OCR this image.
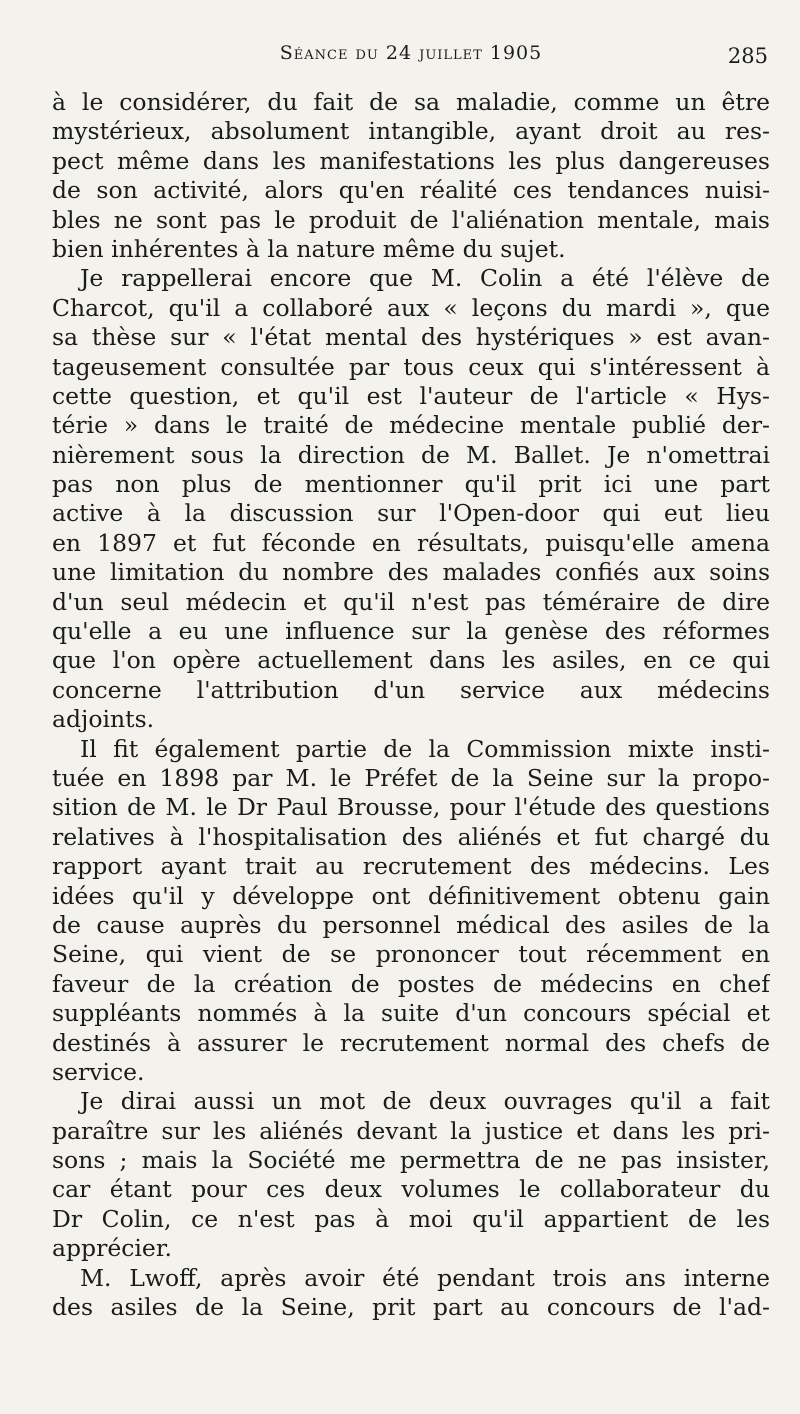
Séance du 24 juillet 1905	285
à le considérer, du fait de sa maladie, comme un être
mystérieux, absolument intangible, ayant droit au res-
pect même dans les manifestations les plus dangereuses
de son activité, alors qu'en réalité ces tendances nuisi-
bles ne sont pas le produit de l'aliénation mentale, mais
bien inhérentes à la nature même du sujet.
Je rappellerai encore que M. Colin a été l'élève de
Charcot, qu'il a collaboré aux « leçons du mardi », que
sa thèse sur « l'état mental des hystériques » est avan-
tageusement consultée par tous ceux qui s'intéressent à
cette question, et qu'il est l'auteur de l'article « Hys-
térie » dans le traité de médecine mentale publié der-
nièrement sous la direction de M. Ballet. Je n'omettrai
pas non plus de mentionner qu'il prit ici une part
active à la discussion sur l'Open-door qui eut lieu
en 1897 et fut féconde en résultats, puisqu'elle amena
une limitation du nombre des malades confiés aux soins
d'un seul médecin et qu'il n'est pas téméraire de dire
qu'elle a eu une influence sur la genèse des réformes
que l'on opère actuellement dans les asiles, en ce qui
concerne l'attribution d'un service aux médecins
adjoints.
Il fit également partie de la Commission mixte insti-
tuée en 1898 par M. le Préfet de la Seine sur la propo-
sition de M. le Dr Paul Brousse, pour l'étude des questions
relatives à l'hospitalisation des aliénés et fut chargé du
rapport ayant trait au recrutement des médecins. Les
idées qu'il y développe ont définitivement obtenu gain
de cause auprès du personnel médical des asiles de la
Seine, qui vient de se prononcer tout récemment en
faveur de la création de postes de médecins en chef
suppléants nommés à la suite d'un concours spécial et
destinés à assurer le recrutement normal des chefs de
service.
Je dirai aussi un mot de deux ouvrages qu'il a fait
paraître sur les aliénés devant la justice et dans les pri-
sons ; mais la Société me permettra de ne pas insister,
car étant pour ces deux volumes le collaborateur du
Dr Colin, ce n'est pas à moi qu'il appartient de les
apprécier.
M. Lwoff, après avoir été pendant trois ans interne
des asiles de la Seine, prit part au concours de l'ad-
